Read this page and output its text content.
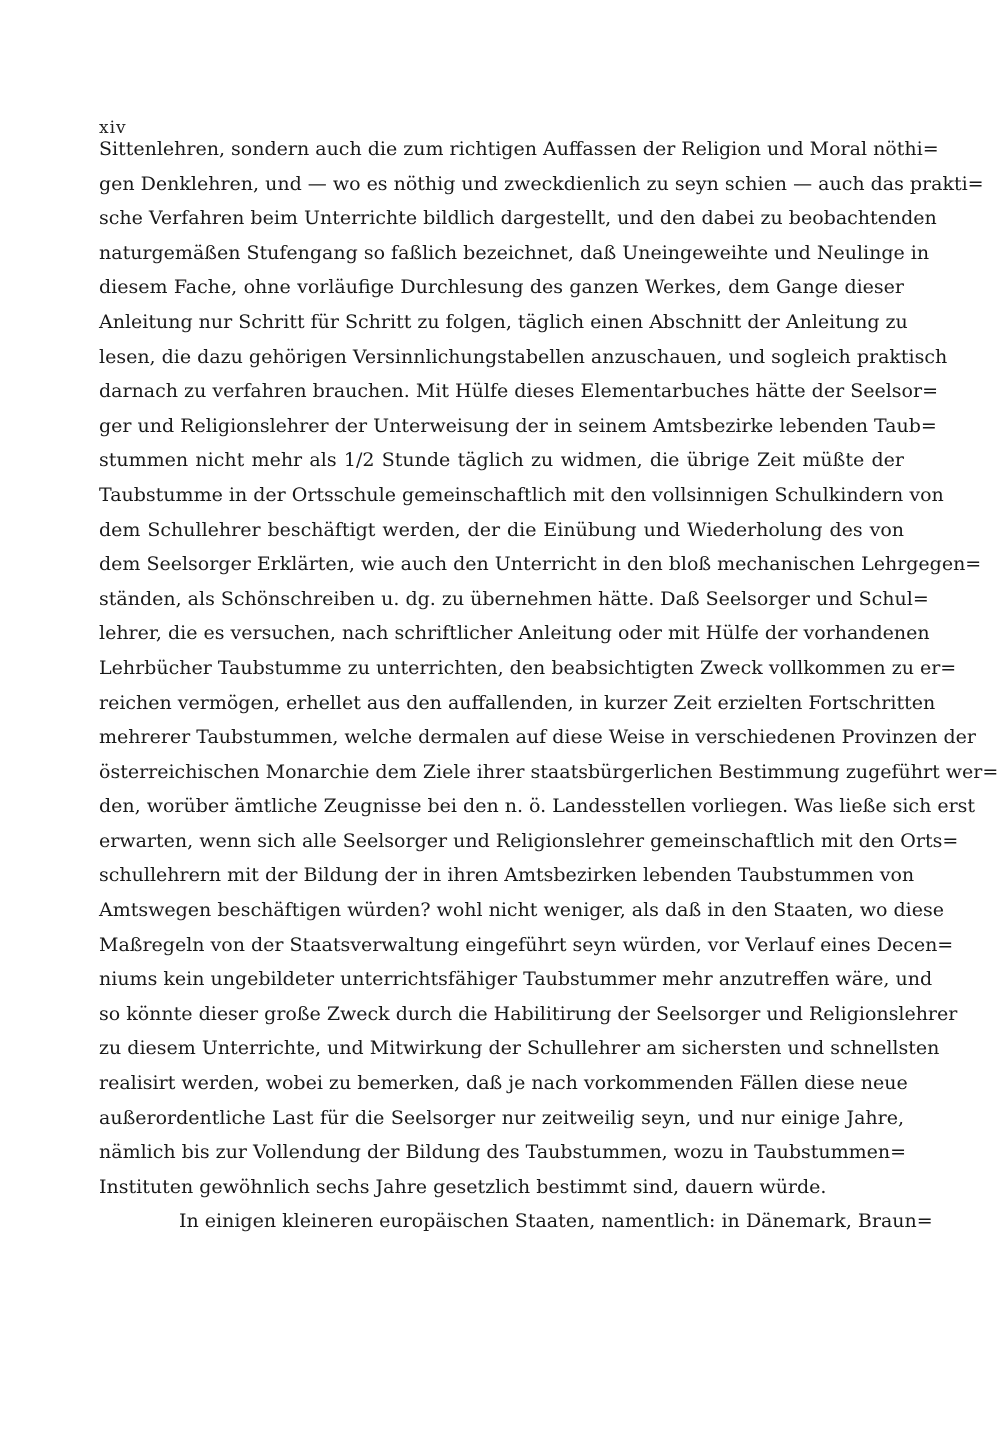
xiv
Sittenlehren, sondern auch die zum richtigen Auffassen der Religion und Moral nöthi=
gen Denklehren, und — wo es nöthig und zweckdienlich zu seyn schien — auch das prakti=
sche Verfahren beim Unterrichte bildlich dargestellt, und den dabei zu beobachtenden
naturgemäßen Stufengang so faßlich bezeichnet, daß Uneingeweihte und Neulinge in
diesem Fache, ohne vorläufige Durchlesung des ganzen Werkes, dem Gange dieser
Anleitung nur Schritt für Schritt zu folgen, täglich einen Abschnitt der Anleitung zu
lesen, die dazu gehörigen Versinnlichungstabellen anzuschauen, und sogleich praktisch
darnach zu verfahren brauchen. Mit Hülfe dieses Elementarbuches hätte der Seelsor=
ger und Religionslehrer der Unterweisung der in seinem Amtsbezirke lebenden Taub=
stummen nicht mehr als 1/2 Stunde täglich zu widmen, die übrige Zeit müßte der
Taubstumme in der Ortsschule gemeinschaftlich mit den vollsinnigen Schulkindern von
dem Schullehrer beschäftigt werden, der die Einübung und Wiederholung des von
dem Seelsorger Erklärten, wie auch den Unterricht in den bloß mechanischen Lehrgegen=
ständen, als Schönschreiben u. dg. zu übernehmen hätte. Daß Seelsorger und Schul=
lehrer, die es versuchen, nach schriftlicher Anleitung oder mit Hülfe der vorhandenen
Lehrbücher Taubstumme zu unterrichten, den beabsichtigten Zweck vollkommen zu er=
reichen vermögen, erhellet aus den auffallenden, in kurzer Zeit erzielten Fortschritten
mehrerer Taubstummen, welche dermalen auf diese Weise in verschiedenen Provinzen der
österreichischen Monarchie dem Ziele ihrer staatsbürgerlichen Bestimmung zugeführt wer=
den, worüber ämtliche Zeugnisse bei den n. ö. Landesstellen vorliegen. Was ließe sich erst
erwarten, wenn sich alle Seelsorger und Religionslehrer gemeinschaftlich mit den Orts=
schullehrern mit der Bildung der in ihren Amtsbezirken lebenden Taubstummen von
Amtswegen beschäftigen würden? wohl nicht weniger, als daß in den Staaten, wo diese
Maßregeln von der Staatsverwaltung eingeführt seyn würden, vor Verlauf eines Decen=
niums kein ungebildeter unterrichtsfähiger Taubstummer mehr anzutreffen wäre, und
so könnte dieser große Zweck durch die Habilitirung der Seelsorger und Religionslehrer
zu diesem Unterrichte, und Mitwirkung der Schullehrer am sichersten und schnellsten
realisirt werden, wobei zu bemerken, daß je nach vorkommenden Fällen diese neue
außerordentliche Last für die Seelsorger nur zeitweilig seyn, und nur einige Jahre,
nämlich bis zur Vollendung der Bildung des Taubstummen, wozu in Taubstummen=
Instituten gewöhnlich sechs Jahre gesetzlich bestimmt sind, dauern würde.
In einigen kleineren europäischen Staaten, namentlich: in Dänemark, Braun=
